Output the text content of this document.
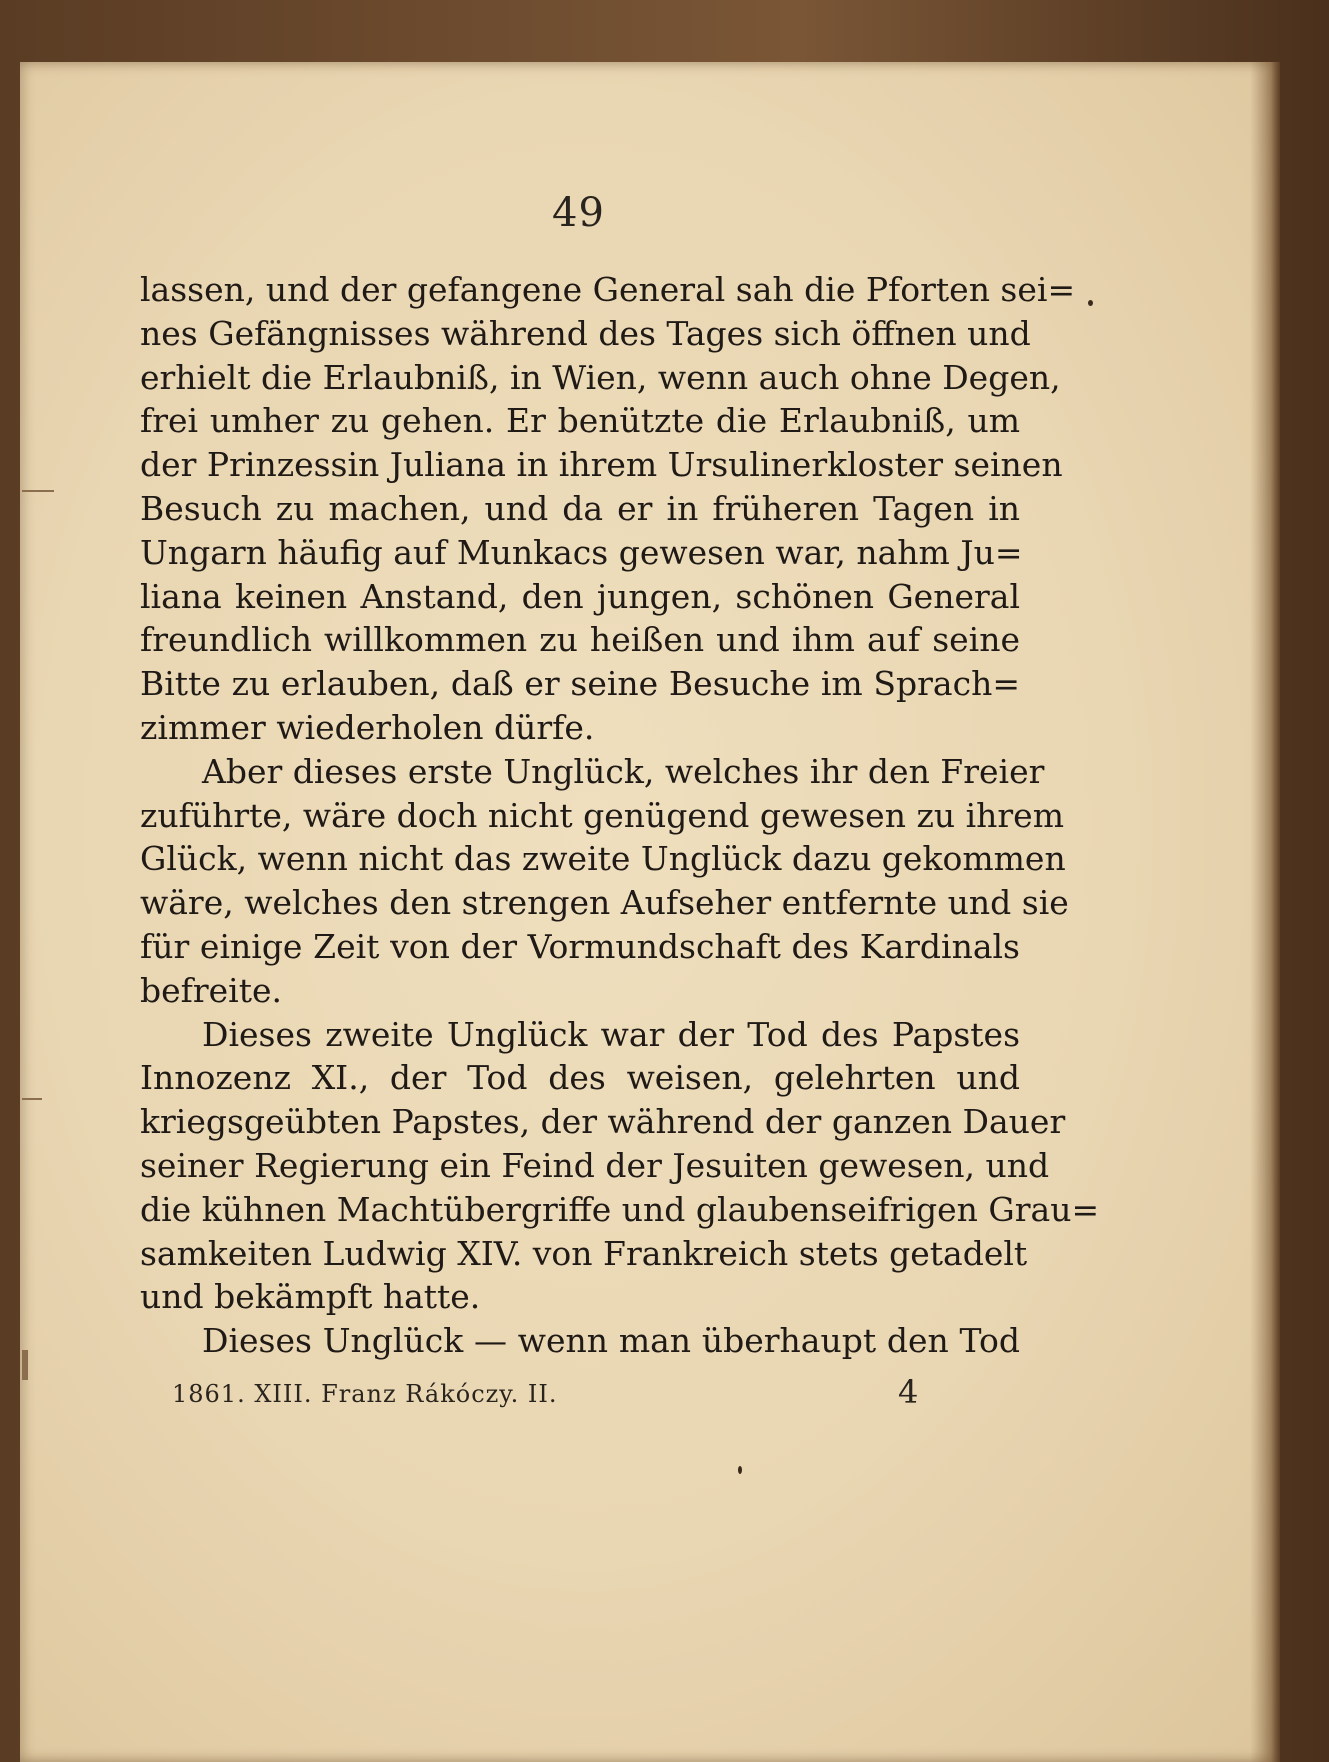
49
lassen, und der gefangene General sah die Pforten sei=
nes Gefängnisses während des Tages sich öffnen und
erhielt die Erlaubniß, in Wien, wenn auch ohne Degen,
frei umher zu gehen. Er benützte die Erlaubniß, um
der Prinzessin Juliana in ihrem Ursulinerkloster seinen
Besuch zu machen, und da er in früheren Tagen in
Ungarn häufig auf Munkacs gewesen war, nahm Ju=
liana keinen Anstand, den jungen, schönen General
freundlich willkommen zu heißen und ihm auf seine
Bitte zu erlauben, daß er seine Besuche im Sprach=
zimmer wiederholen dürfe.
Aber dieses erste Unglück, welches ihr den Freier
zuführte, wäre doch nicht genügend gewesen zu ihrem
Glück, wenn nicht das zweite Unglück dazu gekommen
wäre, welches den strengen Aufseher entfernte und sie
für einige Zeit von der Vormundschaft des Kardinals
befreite.
Dieses zweite Unglück war der Tod des Papstes
Innozenz XI., der Tod des weisen, gelehrten und
kriegsgeübten Papstes, der während der ganzen Dauer
seiner Regierung ein Feind der Jesuiten gewesen, und
die kühnen Machtübergriffe und glaubenseifrigen Grau=
samkeiten Ludwig XIV. von Frankreich stets getadelt
und bekämpft hatte.
Dieses Unglück — wenn man überhaupt den Tod
1861. XIII. Franz Rákóczy. II.	4
